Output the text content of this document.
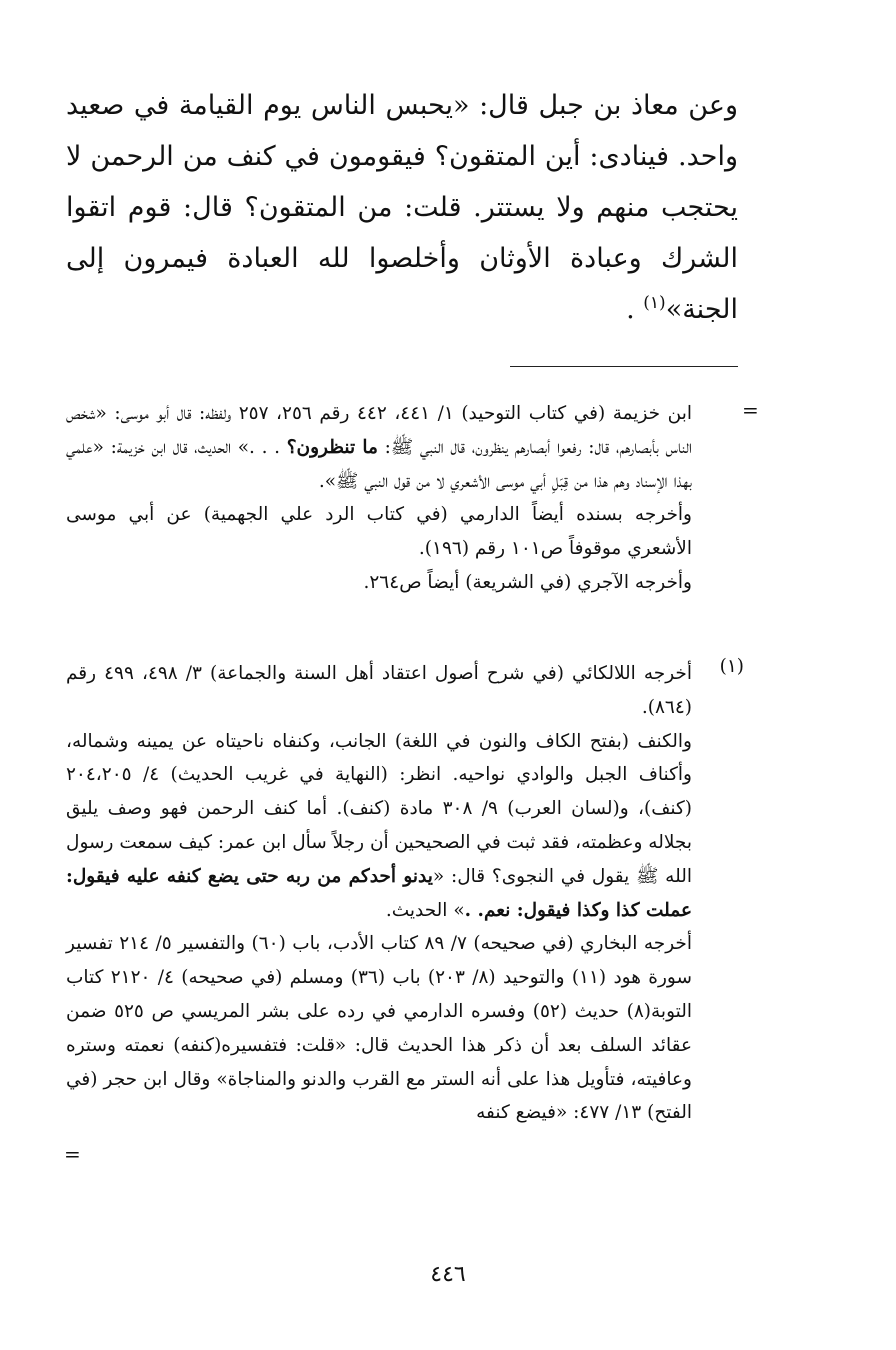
وعن معاذ بن جبل قال: «يحبس الناس يوم القيامة في صعيد واحد. فينادى: أين المتقون؟ فيقومون في كنف من الرحمن لا يحتجب منهم ولا يستتر. قلت: من المتقون؟ قال: قوم اتقوا الشرك وعبادة الأوثان وأخلصوا لله العبادة فيمرون إلى الجنة»$^{(١)}$ .

=

ابن خزيمة (في كتاب التوحيد) ١/ ٤٤١، ٤٤٢ رقم ٢٥٦، ٢٥٧ ولفظه: قال أبو موسى: «شخص الناس بأبصارهم، قال: رفعوا أبصارهم ينظرون، قال النبي ﷺ: ما تنظرون؟ . . .» الحديث، قال ابن خزيمة: «علمي بهذا الإسناد وهم هذا من قِبَلِ أبي موسى الأشعري لا من قول النبي ﷺ».

وأخرجه بسنده أيضاً الدارمي (في كتاب الرد علي الجهمية) عن أبي موسى الأشعري موقوفاً ص١٠١ رقم (١٩٦).

وأخرجه الآجري (في الشريعة) أيضاً ص٢٦٤.

(١)

أخرجه اللالكائي (في شرح أصول اعتقاد أهل السنة والجماعة) ٣/ ٤٩٨، ٤٩٩ رقم (٨٦٤).

والكنف (بفتح الكاف والنون في اللغة) الجانب، وكنفاه ناحيتاه عن يمينه وشماله، وأكناف الجبل والوادي نواحيه. انظر: (النهاية في غريب الحديث) ٤/ ٢٠٤،٢٠٥ (كنف)، و(لسان العرب) ٩/ ٣٠٨ مادة (كنف). أما كنف الرحمن فهو وصف يليق بجلاله وعظمته، فقد ثبت في الصحيحين أن رجلاً سأل ابن عمر: كيف سمعت رسول الله ﷺ يقول في النجوى؟ قال: «يدنو أحدكم من ربه حتى يضع كنفه عليه فيقول: عملت كذا وكذا فيقول: نعم. .» الحديث.

أخرجه البخاري (في صحيحه) ٧/ ٨٩ كتاب الأدب، باب (٦٠) والتفسير ٥/ ٢١٤ تفسير سورة هود (١١) والتوحيد (٨/ ٢٠٣) باب (٣٦) ومسلم (في صحيحه) ٤/ ٢١٢٠ كتاب التوبة(٨) حديث (٥٢) وفسره الدارمي في رده على بشر المريسي ص ٥٢٥ ضمن عقائد السلف بعد أن ذكر هذا الحديث قال: «قلت: فتفسيره(كنفه) نعمته وستره وعافيته، فتأويل هذا على أنه الستر مع القرب والدنو والمناجاة» وقال ابن حجر (في الفتح) ١٣/ ٤٧٧: «فيضع كنفه

=
٤٤٦
